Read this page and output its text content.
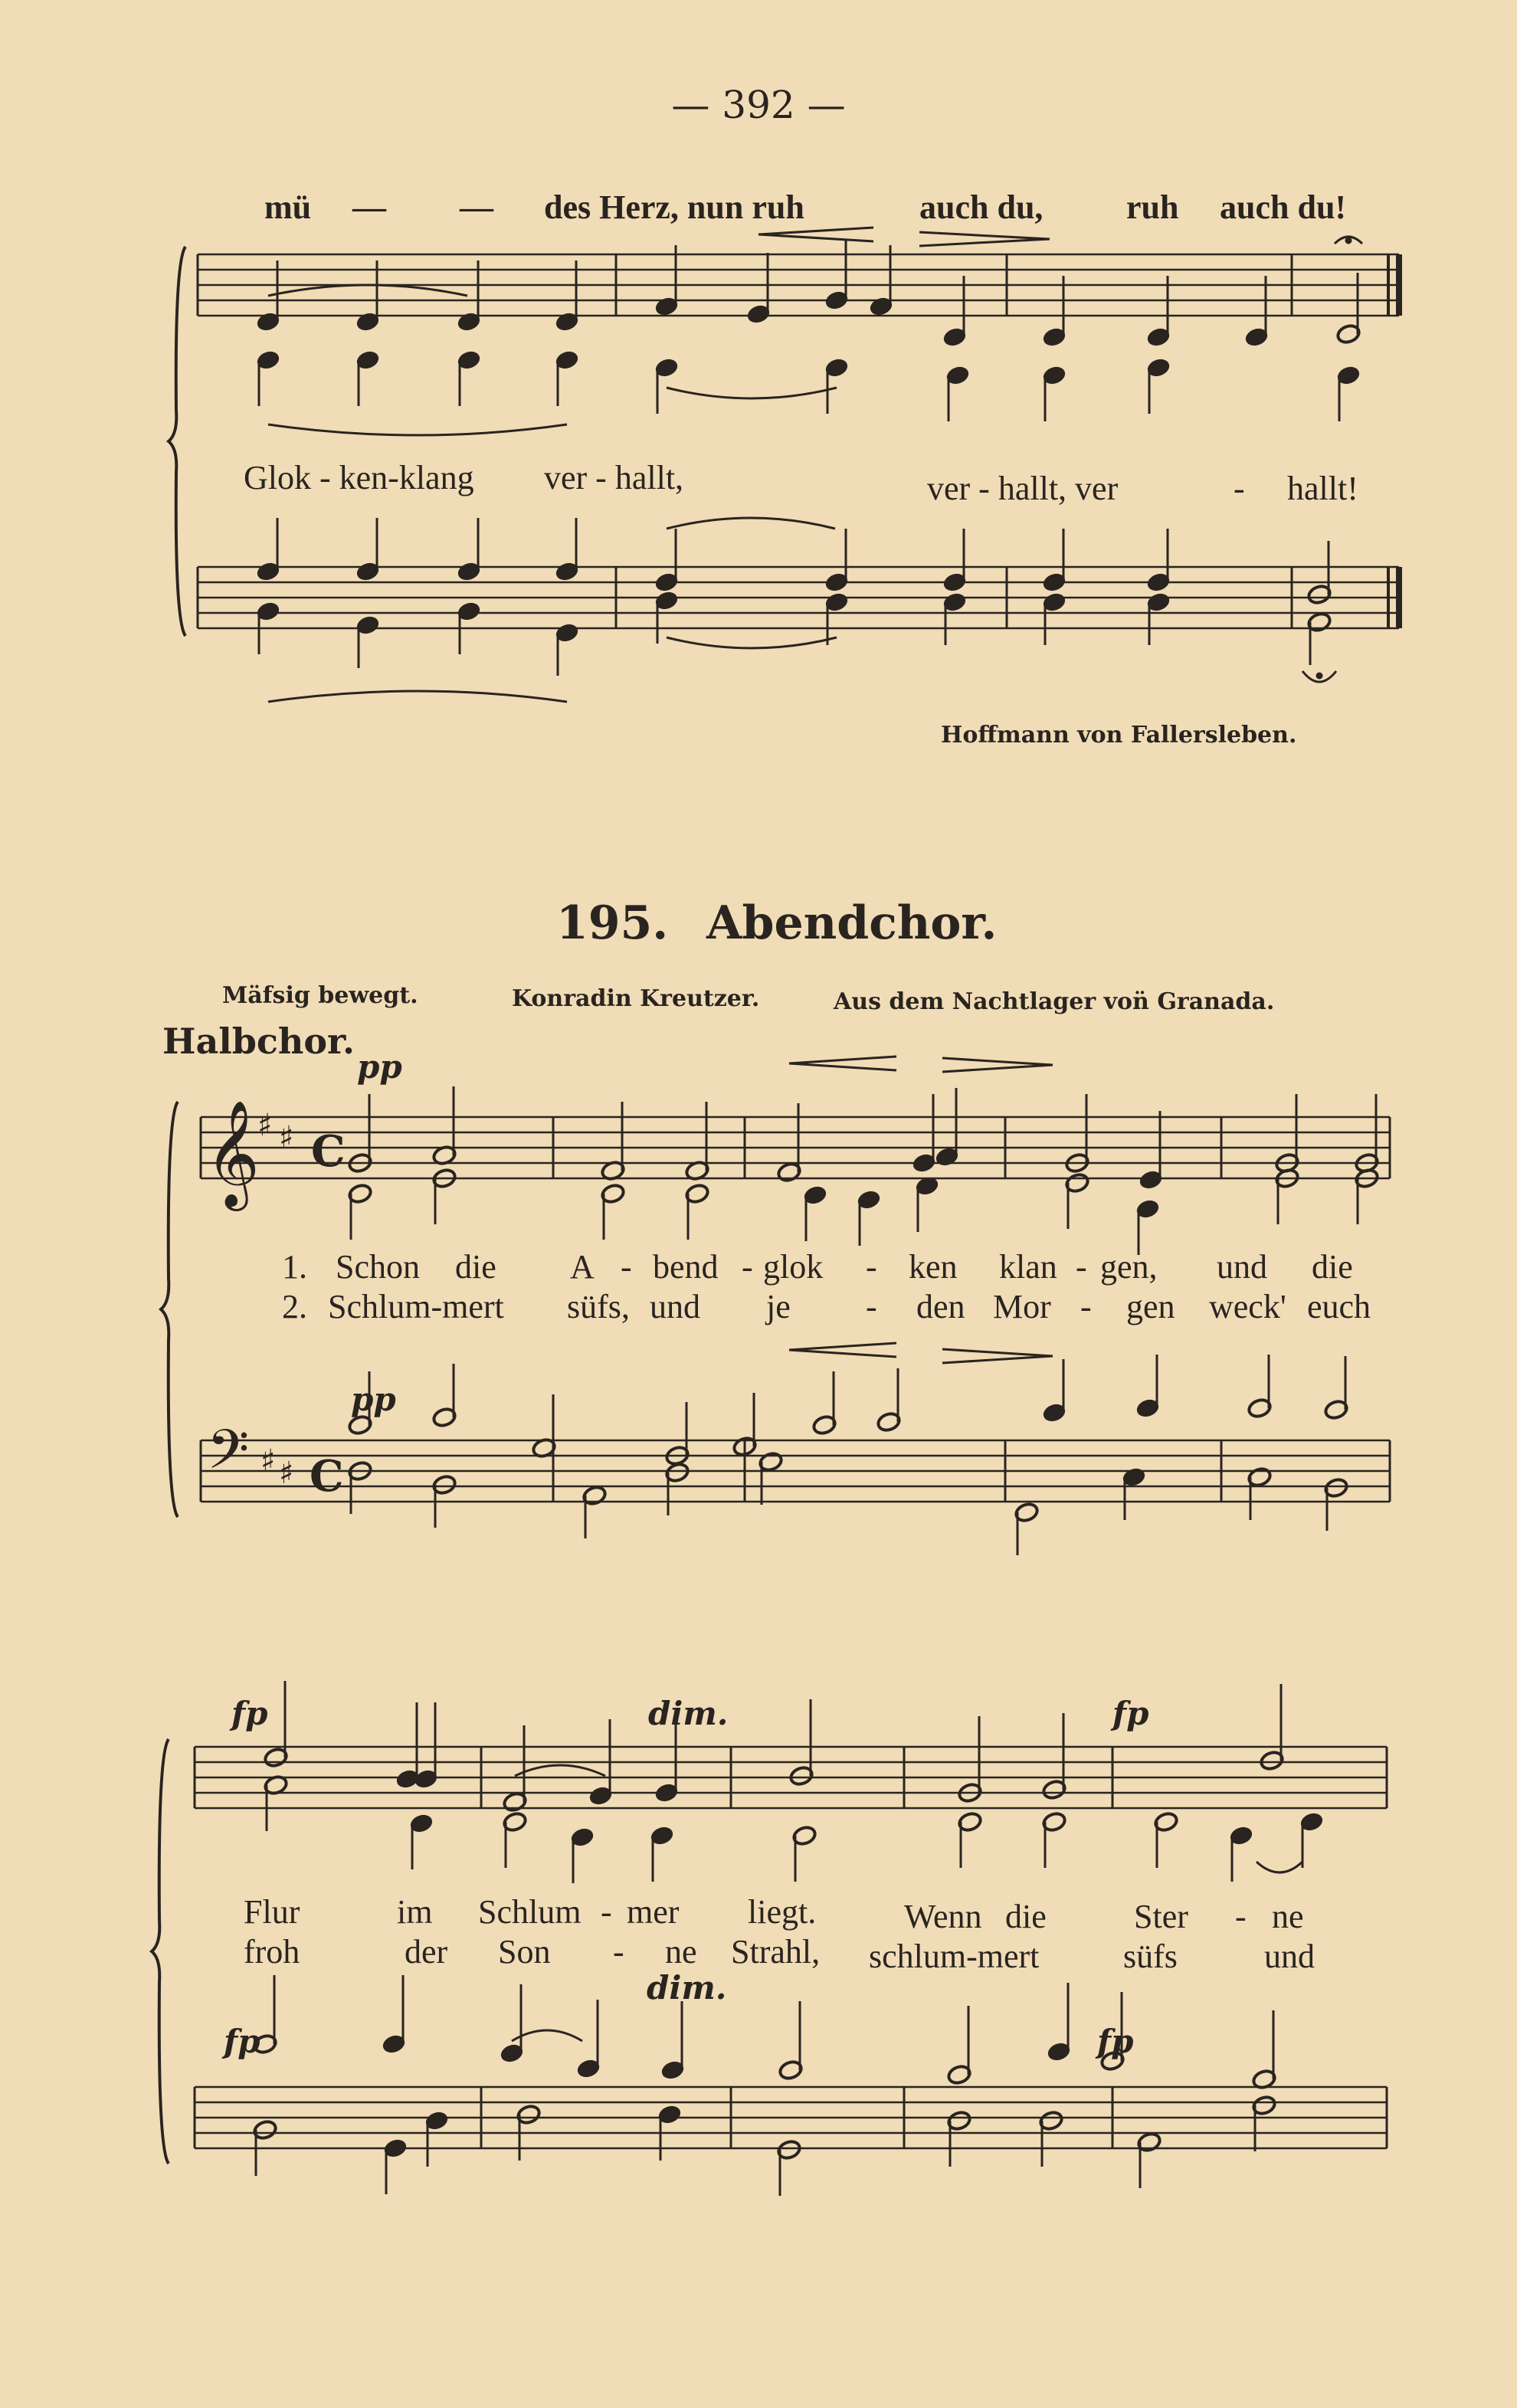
— 392 —
mü — — des Herz, nun ruh	auch du, ruh auch du!
Glok - ken-klang ver - hallt,	ver - hallt, ver	- hallt!
Hoffmann von Fallersleben.
195. Abendchor.
Mäfsig bewegt.	Konradin Kreutzer.	Aus dem Nachtlager von̈ Granada.
Halbchor.
pp
pp
1. Schon die A - bend - glok - ken klan - gen, und die
2. Schlum-mert süfs, und je - den Mor - gen weck' euch
fp	dim.	fp
dim.
fp	fp
Flur	im Schlum - mer liegt.	Wenn die	Ster - ne
froh	der Son - ne Strahl, schlum-mert süfs	und
𝄞
𝄢
♯ ♯
♯ ♯
C
C
